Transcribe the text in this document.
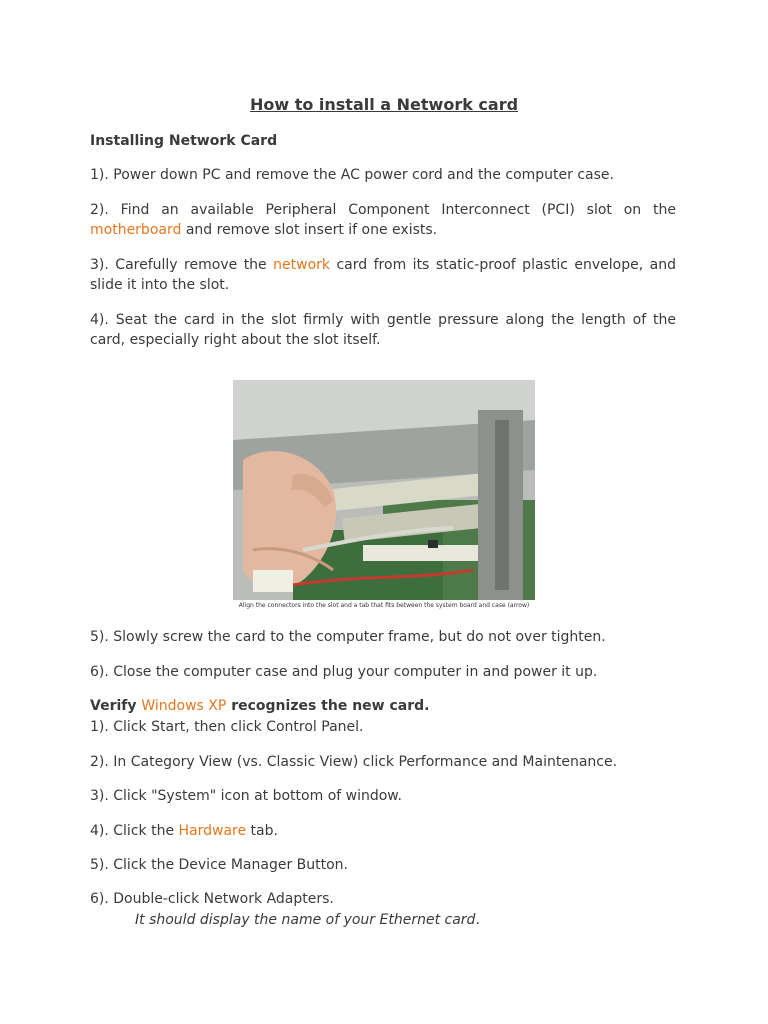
How to install a Network card
Installing Network Card
1). Power down PC and remove the AC power cord and the computer case.
2). Find an available Peripheral Component Interconnect (PCI) slot on the motherboard and remove slot insert if one exists.
3). Carefully remove the network card from its static-proof plastic envelope, and slide it into the slot.
4). Seat the card in the slot firmly with gentle pressure along the length of the card, especially right about the slot itself.
Align the connectors into the slot and a tab that fits between the system board and case (arrow)
5). Slowly screw the card to the computer frame, but do not over tighten.
6). Close the computer case and plug your computer in and power it up.
Verify Windows XP recognizes the new card.
1). Click Start, then click Control Panel.
2). In Category View (vs. Classic View) click Performance and Maintenance.
3). Click "System" icon at bottom of window.
4). Click the Hardware tab.
5). Click the Device Manager Button.
6). Double-click Network Adapters.
It should display the name of your Ethernet card.
